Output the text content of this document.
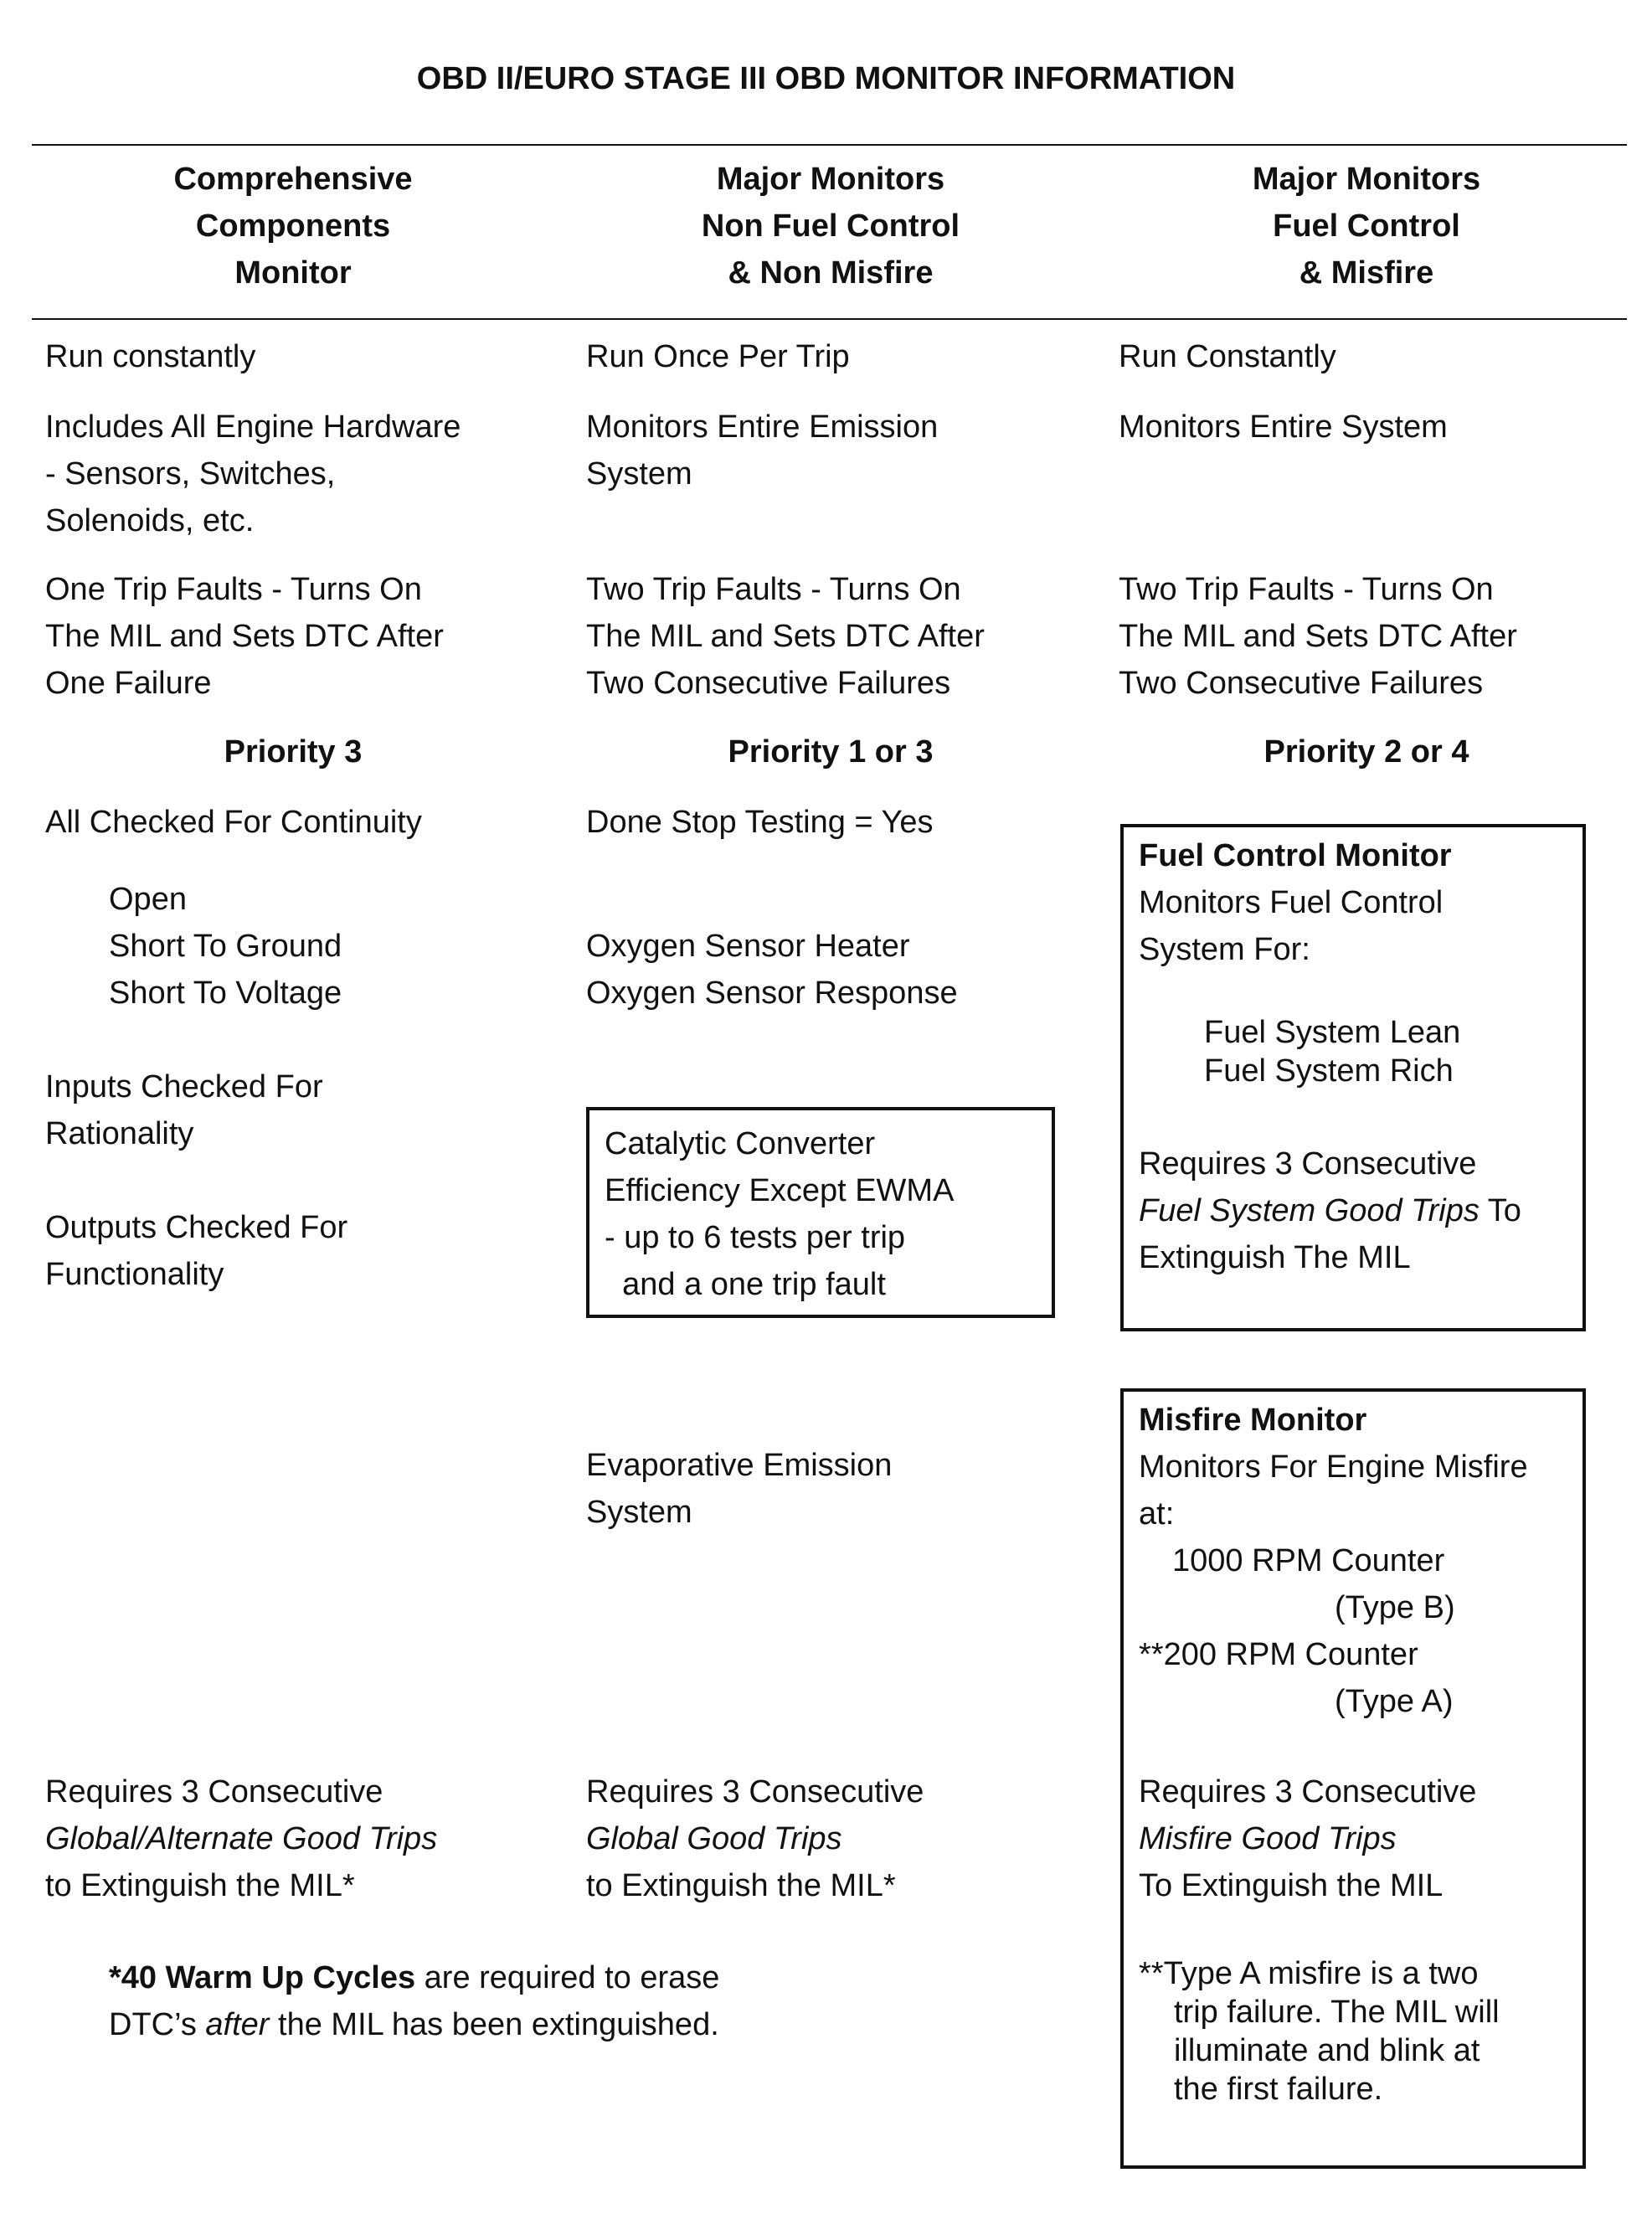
OBD II/EURO STAGE III OBD MONITOR INFORMATION
Comprehensive
Components
Monitor
Major Monitors
Non Fuel Control
& Non Misfire
Major Monitors
Fuel Control
& Misfire
Run constantly
Includes All Engine Hardware
- Sensors, Switches,
Solenoids, etc.
One Trip Faults - Turns On
The MIL and Sets DTC After
One Failure
Priority 3
All Checked For Continuity
Open
Short To Ground
Short To Voltage
Inputs Checked For
Rationality
Outputs Checked For
Functionality
Requires 3 Consecutive
Global/Alternate Good Trips
to Extinguish the MIL*
*40 Warm Up Cycles are required to erase
DTC’s after the MIL has been extinguished.
Run Once Per Trip
Monitors Entire Emission
System
Two Trip Faults - Turns On
The MIL and Sets DTC After
Two Consecutive Failures
Priority 1 or 3
Done Stop Testing = Yes
Oxygen Sensor Heater
Oxygen Sensor Response
Catalytic Converter
Efficiency Except EWMA
- up to 6 tests per trip
and a one trip fault
Evaporative Emission
System
Requires 3 Consecutive
Global Good Trips
to Extinguish the MIL*
Run Constantly
Monitors Entire System
Two Trip Faults - Turns On
The MIL and Sets DTC After
Two Consecutive Failures
Priority 2 or 4
Fuel Control Monitor
Monitors Fuel Control
System For:
Fuel System Lean
Fuel System Rich
Requires 3 Consecutive
Fuel System Good Trips To
Extinguish The MIL
Misfire Monitor
Monitors For Engine Misfire
at:
1000 RPM Counter
(Type B)
**200 RPM Counter
(Type A)
Requires 3 Consecutive
Misfire Good Trips
To Extinguish the MIL
**Type A misfire is a two
trip failure. The MIL will
illuminate and blink at
the first failure.
